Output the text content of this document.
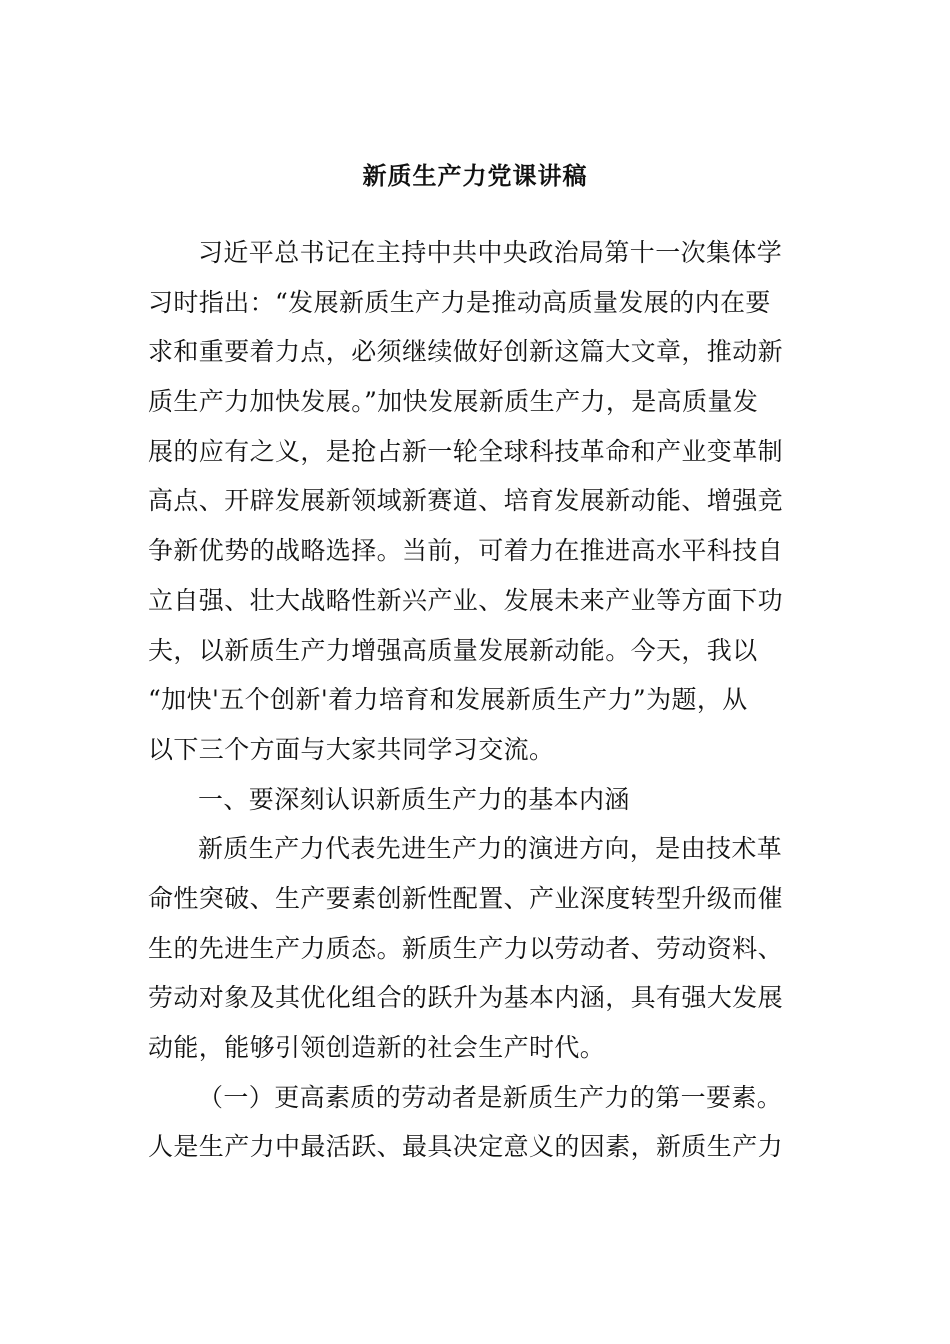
新质生产力党课讲稿
习近平总书记在主持中共中央政治局第十一次集体学
习时指出：“发展新质生产力是推动高质量发展的内在要
求和重要着力点，必须继续做好创新这篇大文章，推动新
质生产力加快发展。”加快发展新质生产力，是高质量发
展的应有之义，是抢占新一轮全球科技革命和产业变革制
高点、开辟发展新领域新赛道、培育发展新动能、增强竞
争新优势的战略选择。当前，可着力在推进高水平科技自
立自强、壮大战略性新兴产业、发展未来产业等方面下功
夫，以新质生产力增强高质量发展新动能。今天，我以
“加快'五个创新'着力培育和发展新质生产力”为题，从
以下三个方面与大家共同学习交流。
一、要深刻认识新质生产力的基本内涵
新质生产力代表先进生产力的演进方向，是由技术革
命性突破、生产要素创新性配置、产业深度转型升级而催
生的先进生产力质态。新质生产力以劳动者、劳动资料、
劳动对象及其优化组合的跃升为基本内涵，具有强大发展
动能，能够引领创造新的社会生产时代。
（一）更高素质的劳动者是新质生产力的第一要素。
人是生产力中最活跃、最具决定意义的因素，新质生产力
